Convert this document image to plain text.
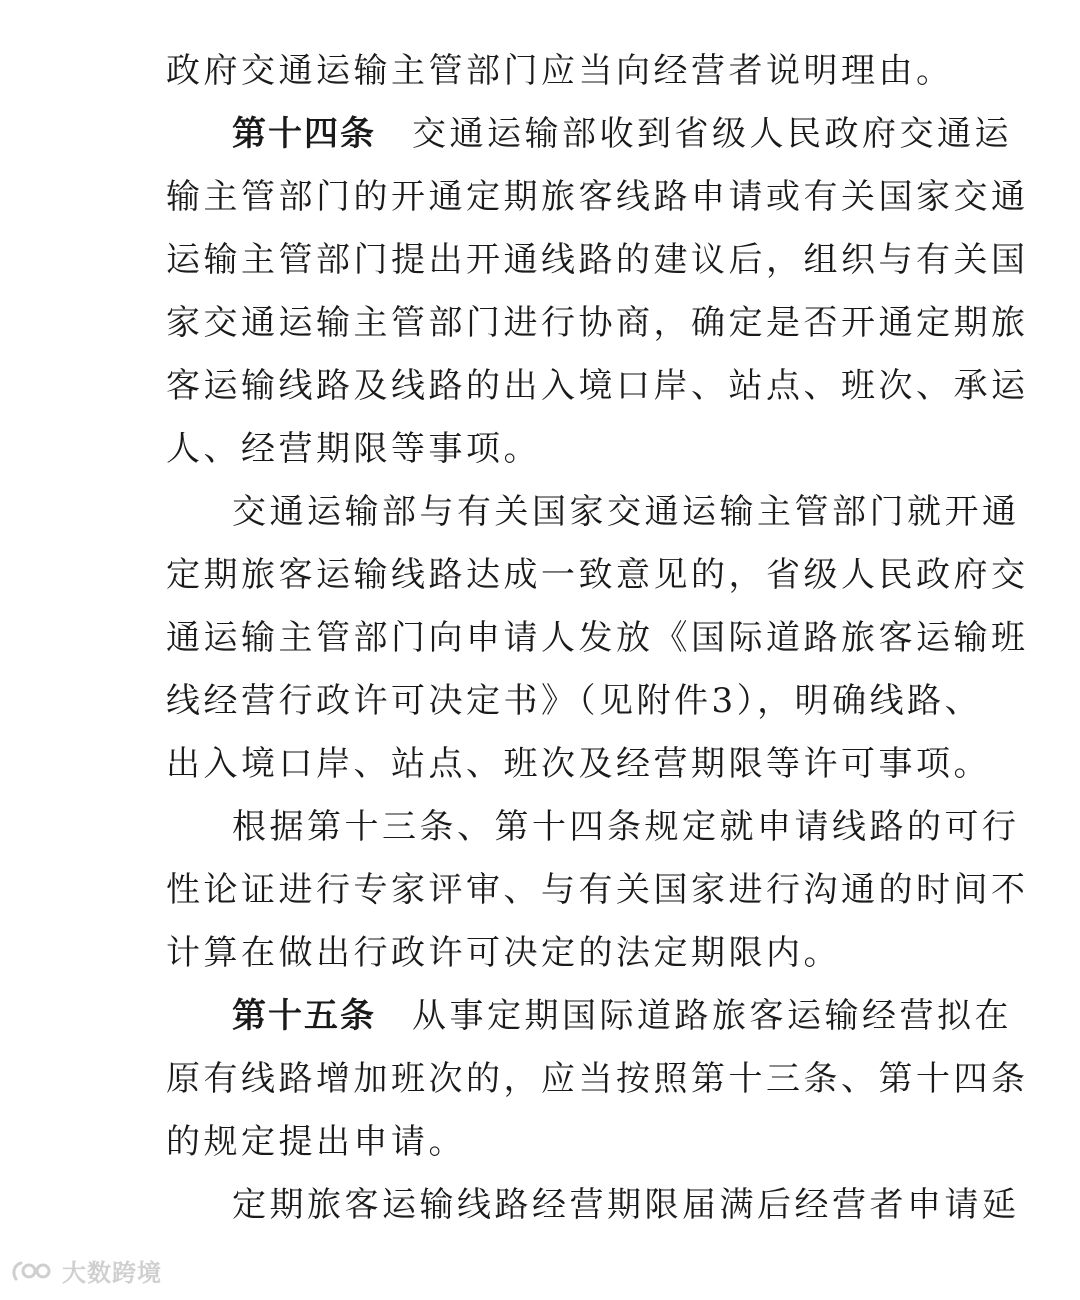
政府交通运输主管部门应当向经营者说明理由。
第十四条 交通运输部收到省级人民政府交通运
输主管部门的开通定期旅客线路申请或有关国家交通
运输主管部门提出开通线路的建议后，组织与有关国
家交通运输主管部门进行协商，确定是否开通定期旅
客运输线路及线路的出入境口岸、站点、班次、承运
人、经营期限等事项。
交通运输部与有关国家交通运输主管部门就开通
定期旅客运输线路达成一致意见的，省级人民政府交
通运输主管部门向申请人发放《国际道路旅客运输班
线经营行政许可决定书》（见附件3），明确线路、
出入境口岸、站点、班次及经营期限等许可事项。
根据第十三条、第十四条规定就申请线路的可行
性论证进行专家评审、与有关国家进行沟通的时间不
计算在做出行政许可决定的法定期限内。
第十五条 从事定期国际道路旅客运输经营拟在
原有线路增加班次的，应当按照第十三条、第十四条
的规定提出申请。
定期旅客运输线路经营期限届满后经营者申请延
大数跨境
